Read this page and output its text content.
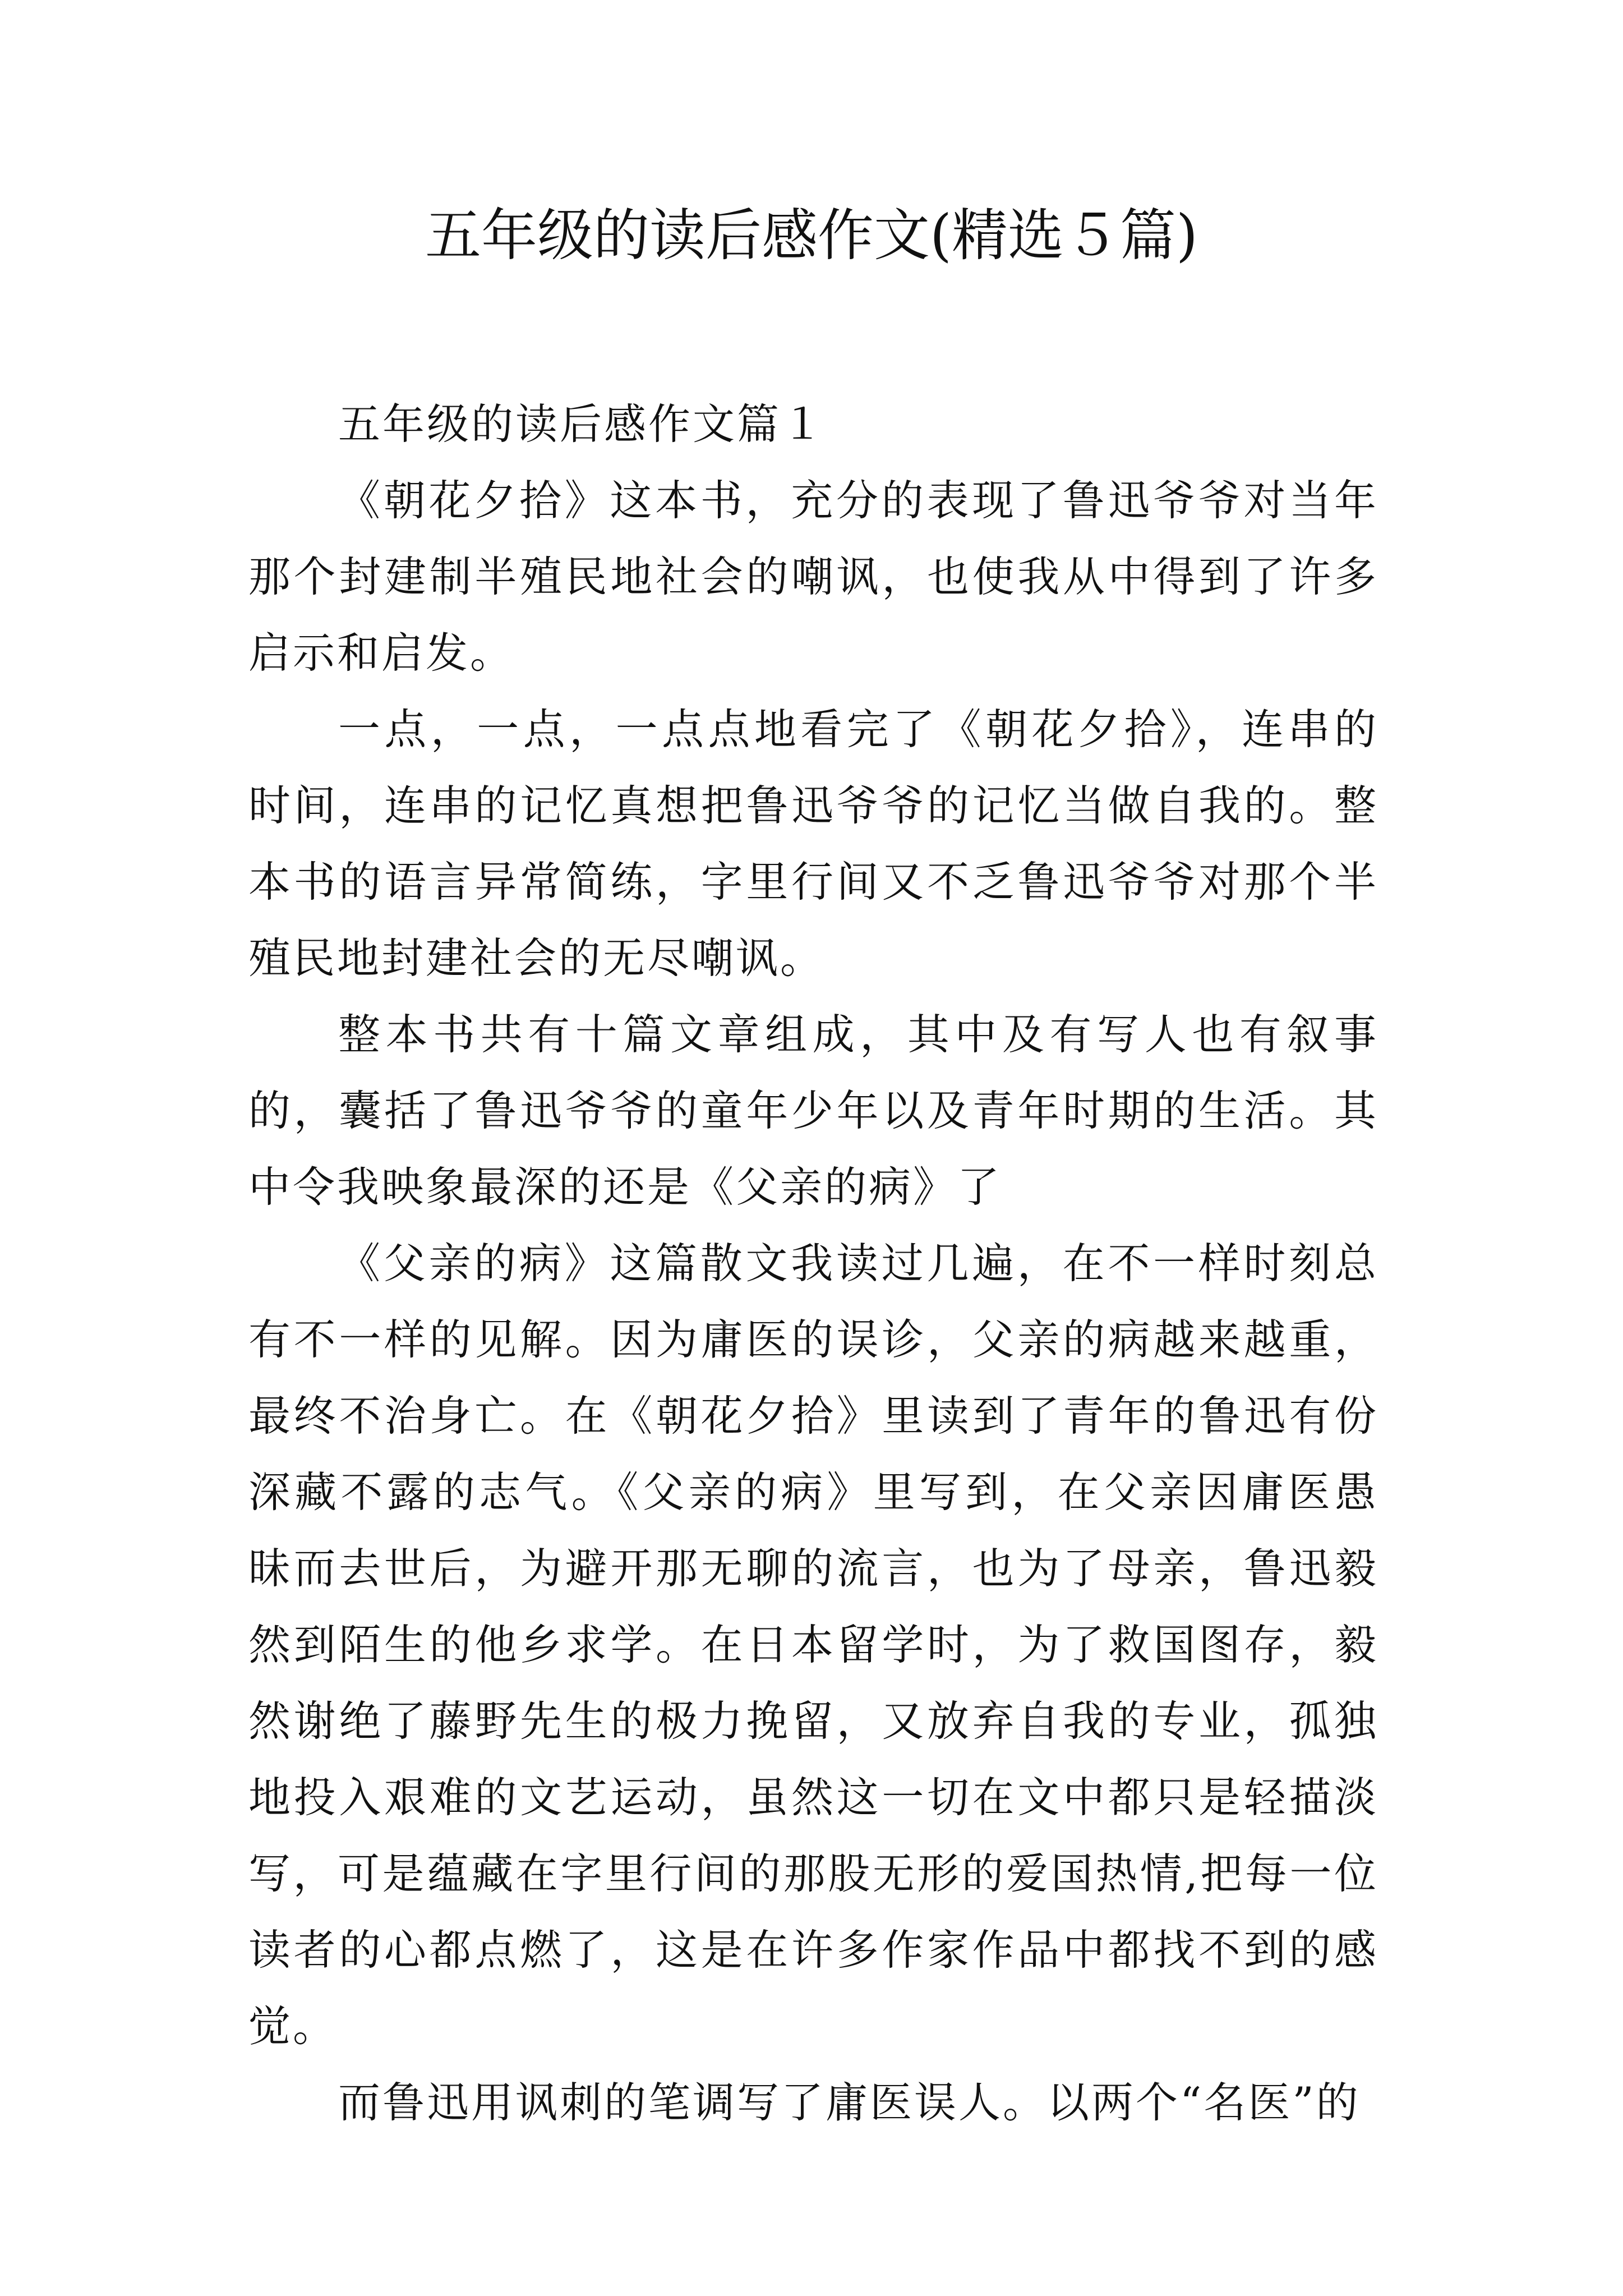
五年级的读后感作文(精选５篇)

五年级的读后感作文篇１

《朝花夕拾》这本书，充分的表现了鲁迅爷爷对当年那个封建制半殖民地社会的嘲讽，也使我从中得到了许多启示和启发。

一点，一点，一点点地看完了《朝花夕拾》，连串的时间，连串的记忆真想把鲁迅爷爷的记忆当做自我的。整本书的语言异常简练，字里行间又不乏鲁迅爷爷对那个半殖民地封建社会的无尽嘲讽。

整本书共有十篇文章组成，其中及有写人也有叙事的，囊括了鲁迅爷爷的童年少年以及青年时期的生活。其中令我映象最深的还是《父亲的病》了

《父亲的病》这篇散文我读过几遍，在不一样时刻总有不一样的见解。因为庸医的误诊，父亲的病越来越重，最终不治身亡。在《朝花夕拾》里读到了青年的鲁迅有份深藏不露的志气。《父亲的病》里写到，在父亲因庸医愚昧而去世后，为避开那无聊的流言，也为了母亲，鲁迅毅然到陌生的他乡求学。在日本留学时，为了救国图存，毅然谢绝了藤野先生的极力挽留，又放弃自我的专业，孤独地投入艰难的文艺运动，虽然这一切在文中都只是轻描淡写，可是蕴藏在字里行间的那股无形的爱国热情,把每一位读者的心都点燃了，这是在许多作家作品中都找不到的感觉。

而鲁迅用讽刺的笔调写了庸医误人。以两个“名医”的
